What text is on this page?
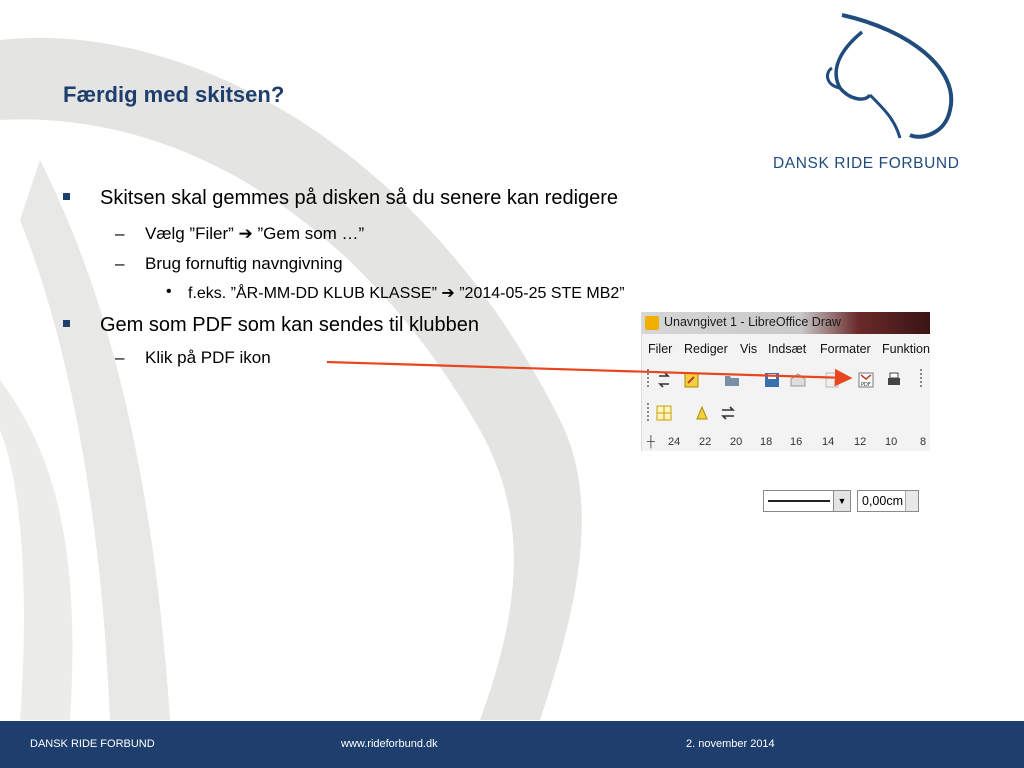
Færdig med skitsen?
DANSK RIDE FORBUND
Skitsen skal gemmes på disken så du senere kan redigere
– Vælg ”Filer” ➔ ”Gem som …”
– Brug fornuftig navngivning
• f.eks. ”ÅR-MM-DD KLUB KLASSE” ➔ ”2014-05-25 STE MB2”
Gem som PDF som kan sendes til klubben
– Klik på PDF ikon
Unavngivet 1 - LibreOffice Draw
Filer Rediger Vis Indsæt Formater Funktion
PDF
▼ 0,00cm
┼ 24 22 20 18 16 14 12 10 8
DANSK RIDE FORBUND	www.rideforbund.dk	2. november 2014
